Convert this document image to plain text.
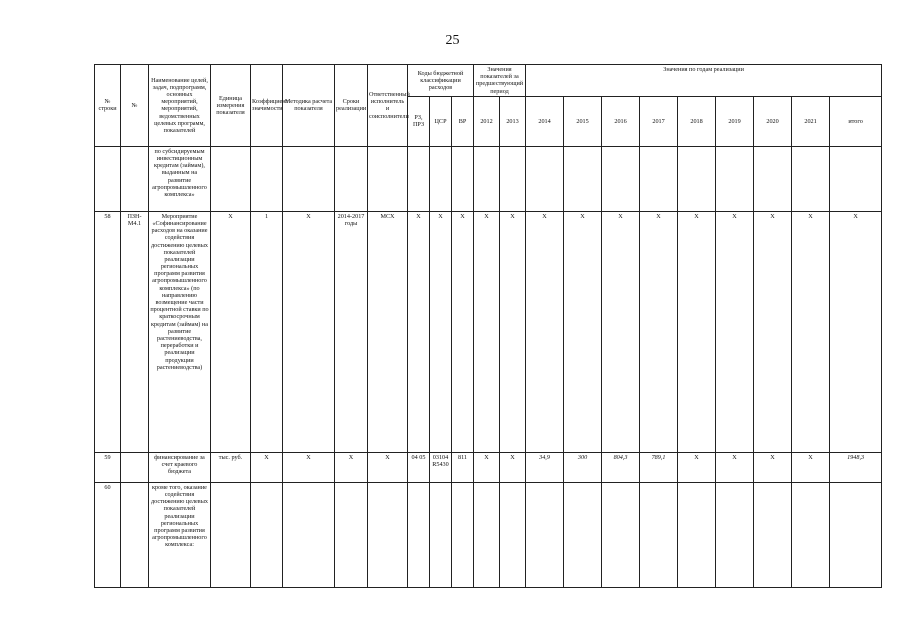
25
№ строки	№	Наименование целей, задач, подпрограмм, основных мероприятий, мероприятий, ведомственных целевых программ, показателей	Единица измерения показателя	Коэффициент значимости	Методика расчета показателя	Сроки реализации	Ответственный исполнитель и соисполнители	Коды бюджетной классификации расходов			Значения показателей за предшествующий период		Значения по годам реализации								
								РЗ, ПРЗ	ЦСР	ВР	2012	2013	2014	2015	2016	2017	2018	2019	2020	2021	итого
		по субсидируемым инвестиционным кредитам (займам), выданным на развитие агропромышленного комплекса»																			
58	ПЗН-М4.1	Мероприятие «Софинансирование расходов на оказание содействия достижению целевых показателей реализации региональных программ развития агропромышленного комплекса» (по направлению возмещение части процентной ставки по краткосрочным кредитам (займам) на развитие растениеводства, переработки и реализации продукции растениеводства)	X	1	X	2014-2017 годы	МСХ	X	X	X	X	X	X	X	X	X	X	X	X	X	X
59		финансирование за счет краевого бюджета	тыс. руб.	X	X	X	X	04 05	03104 R5430	811	X	X	34,9	300	804,3	789,1	X	X	X	X	1948,3
60		кроме того, оказание содействия достижению целевых показателей реализации региональных программ развития агропромышленного комплекса:																			
